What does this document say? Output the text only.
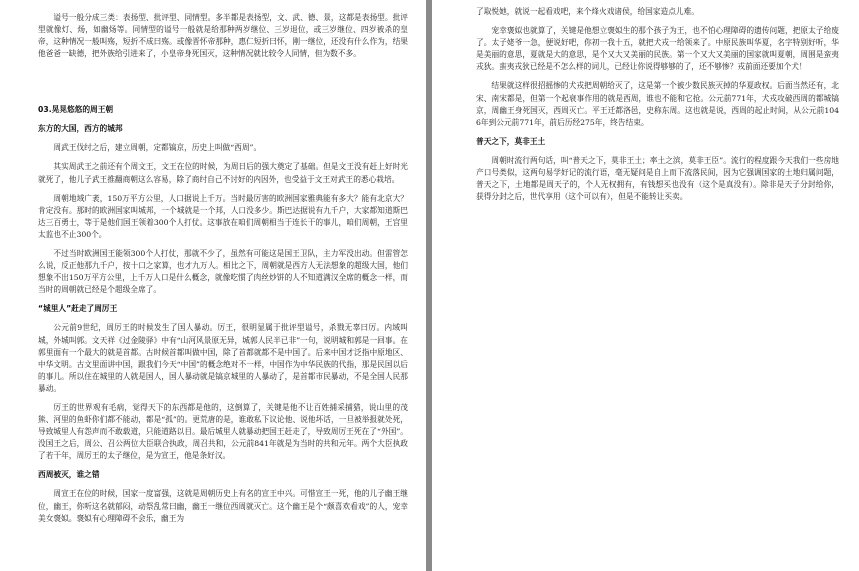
谥号一般分成三类：表扬型、批评型、同情型。多半都是表扬型，文、武、德、景，这都是表扬型。批评型就像灯、炀，如幽炀等。同情型的谥号一般就是给那种两岁继位、三岁退位，或三岁继位、四岁被杀的皇帝，这种情况一般叫殇，短折不成曰殇。或像晋怀帝那种，惠仁短折曰怀，刚一继位，还没有什么作为，结果他爸爸一缺德，把外族给引进来了，小皇帝身死国灭，这种情况就比较令人同情，但为数不多。

03.晃晃悠悠的周王朝

东方的大国，西方的城邦

周武王伐纣之后，建立周朝，定都镐京，历史上叫做“西周”。

其实周武王之前还有个周文王，文王在位的时候，为周日后的强大奠定了基础。但是文王没有赶上好时光就死了，他儿子武王推翻商朝这么容易，除了商纣自己不讨好的内因外，也受益于文王对武王的悉心栽培。

周朝地域广袤，150万平方公里，人口据说上千万。当时最厉害的欧洲国家雅典能有多大？能有北京大？肯定没有。那时的欧洲国家叫城邦，一个城就是一个邦，人口没多少。斯巴达据说有九千户，大家都知道斯巴达三百勇士，等于是他们国王领着300个人打仗。这事放在咱们周朝相当于连长干的事儿，咱们周朝，王宫里太监也不止300个。

不过当时欧洲国王能领300个人打仗，那就不少了，虽然有可能这是国王卫队，主力军没出动。但雷管怎么说，反正他那九千户，按十口之家算，也才九万人。相比之下，周朝就是西方人无法想象的超级大国，他们想象不出150万平方公里，上千万人口是什么概念，就像吃惯了肉丝炒饼的人不知道满汉全席的概念一样，而当时的周朝就已经是个超级全席了。

“城里人”赶走了周厉王

公元前9世纪，周厉王的时候发生了国人暴动。厉王，很明显属于批评型谥号，杀戮无辜曰厉。内域叫城，外城叫郭。文天祥《过金陵驿》中有“山河风景原无异，城郭人民半已非”一句，说明城和郭是一回事。在郭里面有一个最大的就是首都。古时候首都叫做中国，除了首都就都不是中国了。后来中国才泛指中原地区、中华文明。古文里面讲中国，跟我们今天“中国”的概念绝对不一样，中国作为中华民族的代指，那是民国以后的事儿。所以住在城里的人就是国人，国人暴动就是镐京城里的人暴动了，是首都市民暴动，不是全国人民那暴动。

厉王的世界观有毛病，觉得天下的东西都是他的，这倒算了，关键是他不让百姓捕采捕猎，说山里的茂熊、河里的鱼虾你们都不能动，都是“孤”的。更荒唐的是，谁敢私下议论他、说他坏话，一旦被举报就处死，导致城里人有怨声而不敢载道，只能道路以目。最后城里人就暴动把国王赶走了，导致周厉王死在了“外国”。没国王之后，周公、召公两位大臣联合执政，周召共和，公元前841年就是为当时的共和元年。两个大臣执政了若干年，周厉王的太子继位，是为宣王，他是条好汉。

西周被灭，谁之错

周宣王在位的时候，国家一度富强，这就是周朝历史上有名的宣王中兴。可惜宣王一死，他的儿子幽王继位，幽王，你听这名就郁闷，动祭乱常曰幽，幽王一继位西周就灭亡。这个幽王是个“颇喜欢看戏”的人，宠幸美女褒姒。褒姒有心理障碍不会乐，幽王为

了取悦她，就说一起看戏吧，来个烽火戏诸侯，给国家造点儿难。

宠幸褒姒也就算了，关键是他想立褒姒生的那个孩子为王，也不怕心理障碍的遗传问题，把原太子给废了。太子姥爷一急，便说好吧，你初一我十五，就把犬戎一给领来了。中原民族叫华夏，名字特别好听，华是美丽的意思，夏就是大的意思，是个又大又美丽的民族。第一个又大又美丽的国家就叫夏朝，周围是蛮夷戎狄。蛮夷戎狄已经是不怎么样的词儿，已经让你说得够够的了，还不够惨？戎前面还要加个犬！

结果就这样很招摇惨的犬戎把周朝给灭了，这是第一个被少数民族灭掉的华夏政权。后面当然还有，北宋、南宋都是，但第一个起衰事作用的就是西周，谁也不能和它抢。公元前771年，犬戎攻破西周的都城镐京，周幽王身死国灭，西周灭亡。平王迁都洛邑，史称东周。这也就是说，西周的起止时间，从公元前1046年到公元前771年，前后历经275年，终告结束。

普天之下，莫非王土

周朝时流行两句话，叫“普天之下，莫非王土；率土之滨，莫非王臣”。流行的程度跟今天我们一些房地产口号类似，这两句易学好记的流行语，毫无疑问是自上而下流落民间，因为它强调国家的土地归属问题，普天之下，土地都是周天子的，个人无权拥有，有钱想买也没有（这个是真没有）。除非是天子分封给你，获得分封之后，世代享用（这个可以有），但是不能转让买卖。
